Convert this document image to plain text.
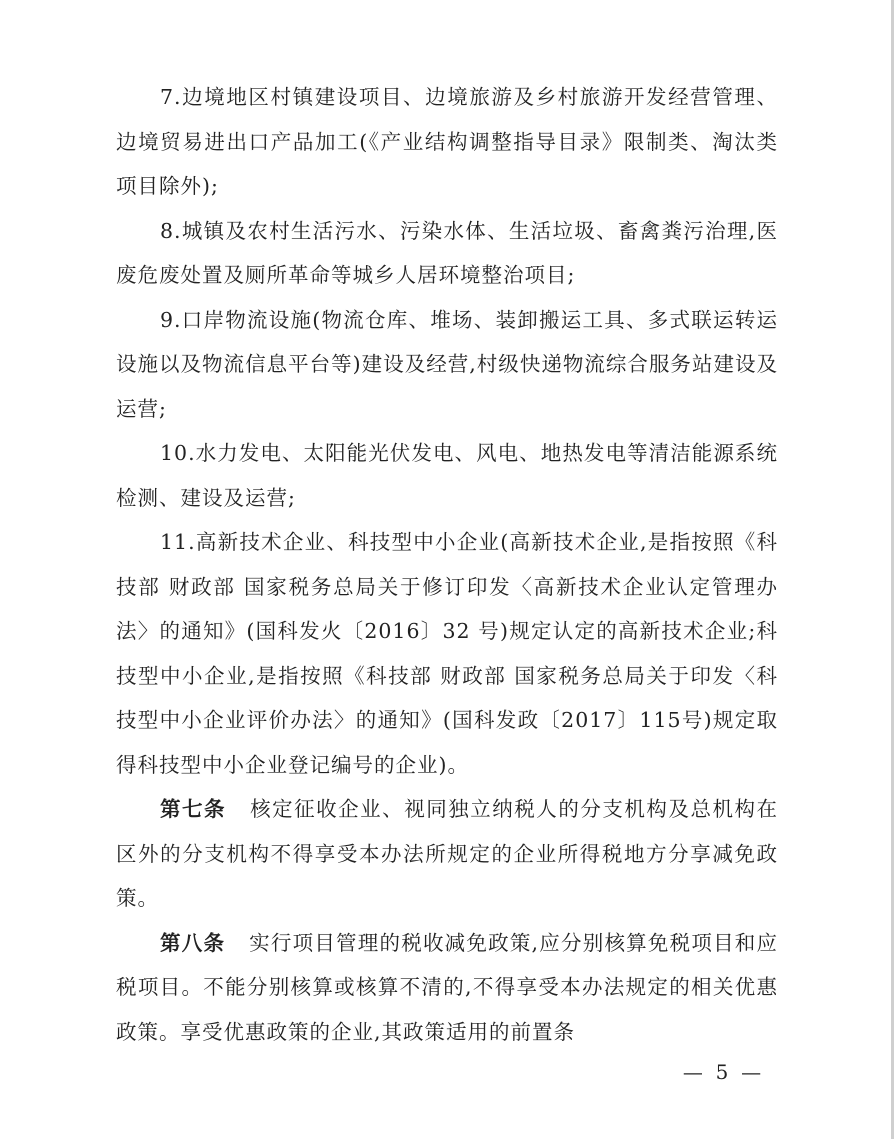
7.边境地区村镇建设项目、边境旅游及乡村旅游开发经营管理、边境贸易进出口产品加工(《产业结构调整指导目录》限制类、淘汰类项目除外);

8.城镇及农村生活污水、污染水体、生活垃圾、畜禽粪污治理,医废危废处置及厕所革命等城乡人居环境整治项目;

9.口岸物流设施(物流仓库、堆场、装卸搬运工具、多式联运转运设施以及物流信息平台等)建设及经营,村级快递物流综合服务站建设及运营;

10.水力发电、太阳能光伏发电、风电、地热发电等清洁能源系统检测、建设及运营;

11.高新技术企业、科技型中小企业(高新技术企业,是指按照《科技部 财政部 国家税务总局关于修订印发〈高新技术企业认定管理办法〉的通知》(国科发火〔2016〕32 号)规定认定的高新技术企业;科技型中小企业,是指按照《科技部 财政部 国家税务总局关于印发〈科技型中小企业评价办法〉的通知》(国科发政〔2017〕115号)规定取得科技型中小企业登记编号的企业)。

第七条 核定征收企业、视同独立纳税人的分支机构及总机构在区外的分支机构不得享受本办法所规定的企业所得税地方分享减免政策。

第八条 实行项目管理的税收减免政策,应分别核算免税项目和应税项目。不能分别核算或核算不清的,不得享受本办法规定的相关优惠政策。享受优惠政策的企业,其政策适用的前置条

—  5  —
